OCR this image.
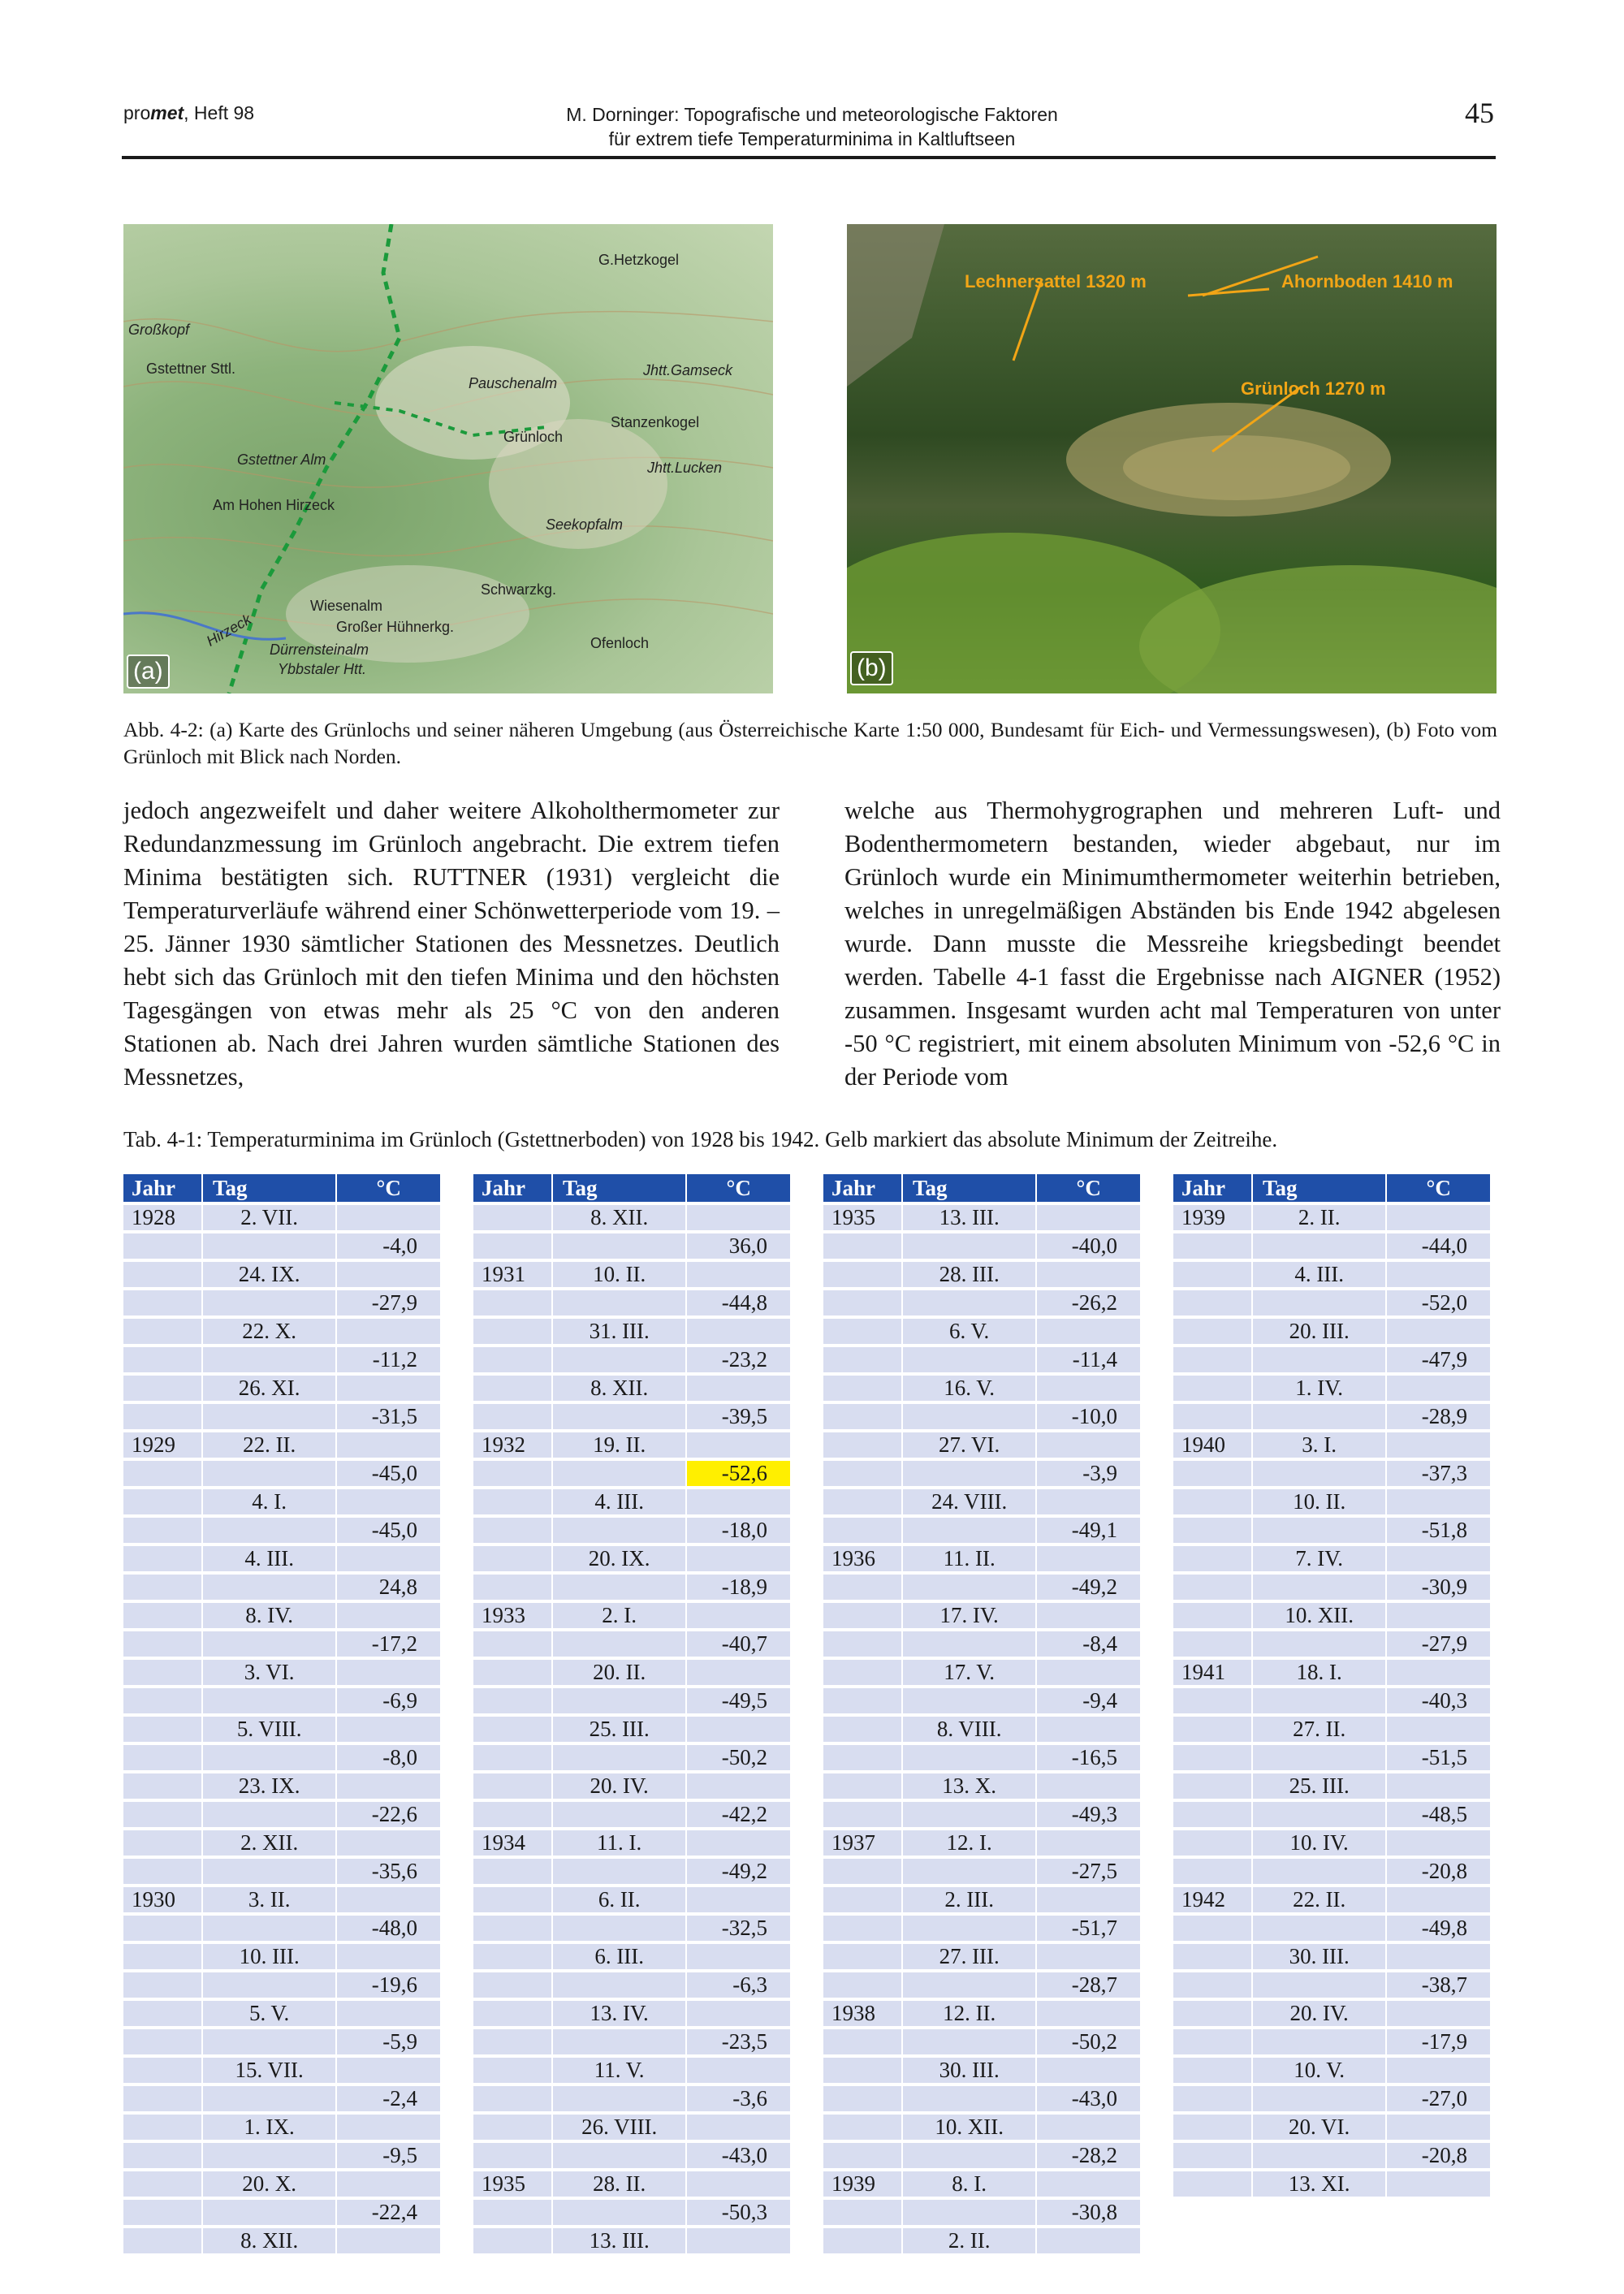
promet, Heft 98	M. Dorninger: Topografische und meteorologische Faktoren
für extrem tiefe Temperaturminima in Kaltluftseen
45
G.Hetzkogel
Großkopf
Gstettner Sttl.
Pauschenalm
Jhtt.Gamseck
Stanzenkogel
Grünloch
Gstettner Alm	Jhtt.Lucken
Am Hohen Hirzeck
Seekopfalm
Schwarzkg.
Wiesenalm
Großer Hühnerkg.
Ofenloch
Dürrensteinalm
Ybbstaler Htt.
Hirzeck
(a)
Lechnersattel 1320 m	Ahornboden 1410 m
Grünloch 1270 m
(b)
Abb. 4-2: (a) Karte des Grünlochs und seiner näheren Umgebung (aus Österreichische Karte 1:50 000, Bundesamt für Eich- und Vermessungswesen), (b) Foto vom Grünloch mit Blick nach Norden.
jedoch angezweifelt und daher weitere Alkoholthermometer zur Redundanzmessung im Grünloch angebracht. Die extrem tiefen Minima bestätigten sich. RUTTNER (1931) vergleicht die Temperaturverläufe während einer Schönwetterperiode vom 19. – 25. Jänner 1930 sämtlicher Stationen des Messnetzes. Deutlich hebt sich das Grünloch mit den tiefen Minima und den höchsten Tagesgängen von etwas mehr als 25 °C von den anderen Stationen ab. Nach drei Jahren wurden sämtliche Stationen des Messnetzes,
welche aus Thermohygrographen und mehreren Luft- und Bodenthermometern bestanden, wieder abgebaut, nur im Grünloch wurde ein Minimumthermometer weiterhin betrieben, welches in unregelmäßigen Abständen bis Ende 1942 abgelesen wurde. Dann musste die Messreihe kriegsbedingt beendet werden. Tabelle 4-1 fasst die Ergebnisse nach AIGNER (1952) zusammen. Insgesamt wurden acht mal Temperaturen von unter -50 °C registriert, mit einem absoluten Minimum von -52,6 °C in der Periode vom
Tab. 4-1: Temperaturminima im Grünloch (Gstettnerboden) von 1928 bis 1942. Gelb markiert das absolute Minimum der Zeitreihe.
Jahr	Tag	°C
1928	2. VII.	
		-4,0
	24. IX.	
		-27,9
	22. X.	
		-11,2
	26. XI.	
		-31,5
1929	22. II.	
		-45,0
	4. I.	
		-45,0
	4. III.	
		24,8
	8. IV.	
		-17,2
	3. VI.	
		-6,9
	5. VIII.	
		-8,0
	23. IX.	
		-22,6
	2. XII.	
		-35,6
1930	3. II.	
		-48,0
	10. III.	
		-19,6
	5. V.	
		-5,9
	15. VII.	
		-2,4
	1. IX.	
		-9,5
	20. X.	
		-22,4
	8. XII.	
Jahr	Tag	°C
	8. XII.	
		36,0
1931	10. II.	
		-44,8
	31. III.	
		-23,2
	8. XII.	
		-39,5
1932	19. II.	
		-52,6
	4. III.	
		-18,0
	20. IX.	
		-18,9
1933	2. I.	
		-40,7
	20. II.	
		-49,5
	25. III.	
		-50,2
	20. IV.	
		-42,2
1934	11. I.	
		-49,2
	6. II.	
		-32,5
	6. III.	
		-6,3
	13. IV.	
		-23,5
	11. V.	
		-3,6
	26. VIII.	
		-43,0
1935	28. II.	
		-50,3
	13. III.	
Jahr	Tag	°C
1935	13. III.	
		-40,0
	28. III.	
		-26,2
	6. V.	
		-11,4
	16. V.	
		-10,0
	27. VI.	
		-3,9
	24. VIII.	
		-49,1
1936	11. II.	
		-49,2
	17. IV.	
		-8,4
	17. V.	
		-9,4
	8. VIII.	
		-16,5
	13. X.	
		-49,3
1937	12. I.	
		-27,5
	2. III.	
		-51,7
	27. III.	
		-28,7
1938	12. II.	
		-50,2
	30. III.	
		-43,0
	10. XII.	
		-28,2
1939	8. I.	
		-30,8
	2. II.	
Jahr	Tag	°C
1939	2. II.	
		-44,0
	4. III.	
		-52,0
	20. III.	
		-47,9
	1. IV.	
		-28,9
1940	3. I.	
		-37,3
	10. II.	
		-51,8
	7. IV.	
		-30,9
	10. XII.	
		-27,9
1941	18. I.	
		-40,3
	27. II.	
		-51,5
	25. III.	
		-48,5
	10. IV.	
		-20,8
1942	22. II.	
		-49,8
	30. III.	
		-38,7
	20. IV.	
		-17,9
	10. V.	
		-27,0
	20. VI.	
		-20,8
	13. XI.	
